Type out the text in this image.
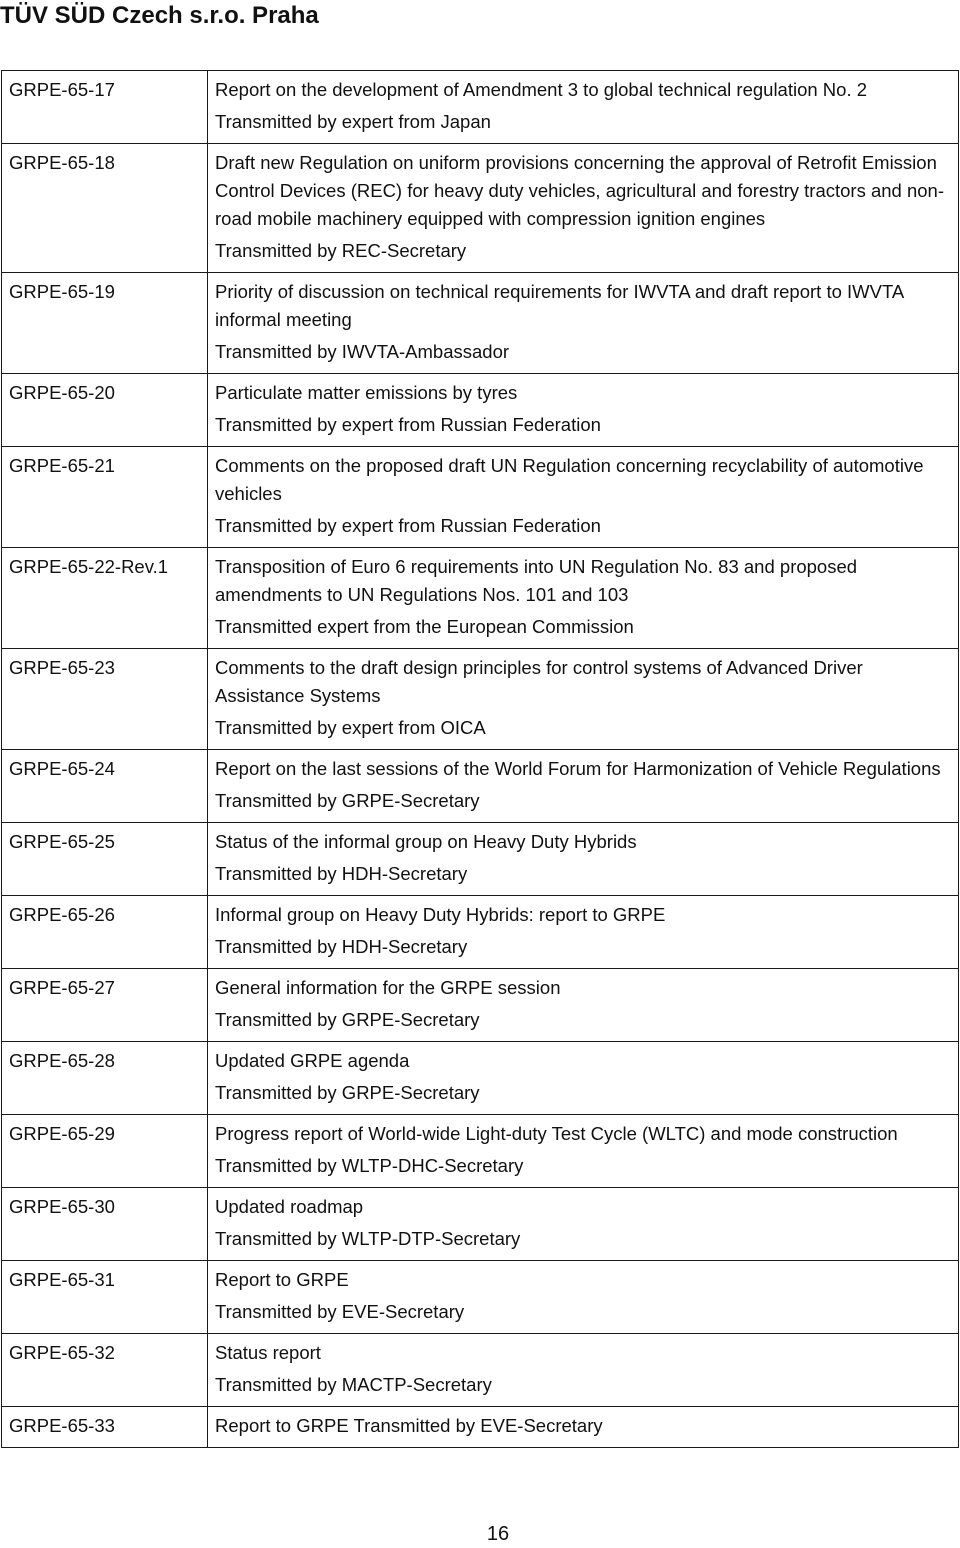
TÜV SÜD Czech s.r.o. Praha
GRPE-65-17	Report on the development of Amendment 3 to global technical regulation No. 2
Transmitted by expert from Japan

GRPE-65-18	Draft new Regulation on uniform provisions concerning the approval of Retrofit Emission Control Devices (REC) for heavy duty vehicles, agricultural and forestry tractors and non-road mobile machinery equipped with compression ignition engines
Transmitted by REC-Secretary

GRPE-65-19	Priority of discussion on technical requirements for IWVTA and draft report to IWVTA informal meeting
Transmitted by IWVTA-Ambassador

GRPE-65-20	Particulate matter emissions by tyres
Transmitted by expert from Russian Federation

GRPE-65-21	Comments on the proposed draft UN Regulation concerning recyclability of automotive vehicles
Transmitted by expert from Russian Federation

GRPE-65-22-Rev.1	Transposition of Euro 6 requirements into UN Regulation No. 83 and proposed amendments to UN Regulations Nos. 101 and 103
Transmitted expert from the European Commission

GRPE-65-23	Comments to the draft design principles for control systems of Advanced Driver Assistance Systems
Transmitted by expert from OICA

GRPE-65-24	Report on the last sessions of the World Forum for Harmonization of Vehicle Regulations
Transmitted by GRPE-Secretary

GRPE-65-25	Status of the informal group on Heavy Duty Hybrids
Transmitted by HDH-Secretary

GRPE-65-26	Informal group on Heavy Duty Hybrids: report to GRPE
Transmitted by HDH-Secretary

GRPE-65-27	General information for the GRPE session
Transmitted by GRPE-Secretary

GRPE-65-28	Updated GRPE agenda
Transmitted by GRPE-Secretary

GRPE-65-29	Progress report of World-wide Light-duty Test Cycle (WLTC) and mode construction
Transmitted by WLTP-DHC-Secretary

GRPE-65-30	Updated roadmap
Transmitted by WLTP-DTP-Secretary

GRPE-65-31	Report to GRPE
Transmitted by EVE-Secretary

GRPE-65-32	Status report
Transmitted by MACTP-Secretary

GRPE-65-33	Report to GRPE Transmitted by EVE-Secretary
16
